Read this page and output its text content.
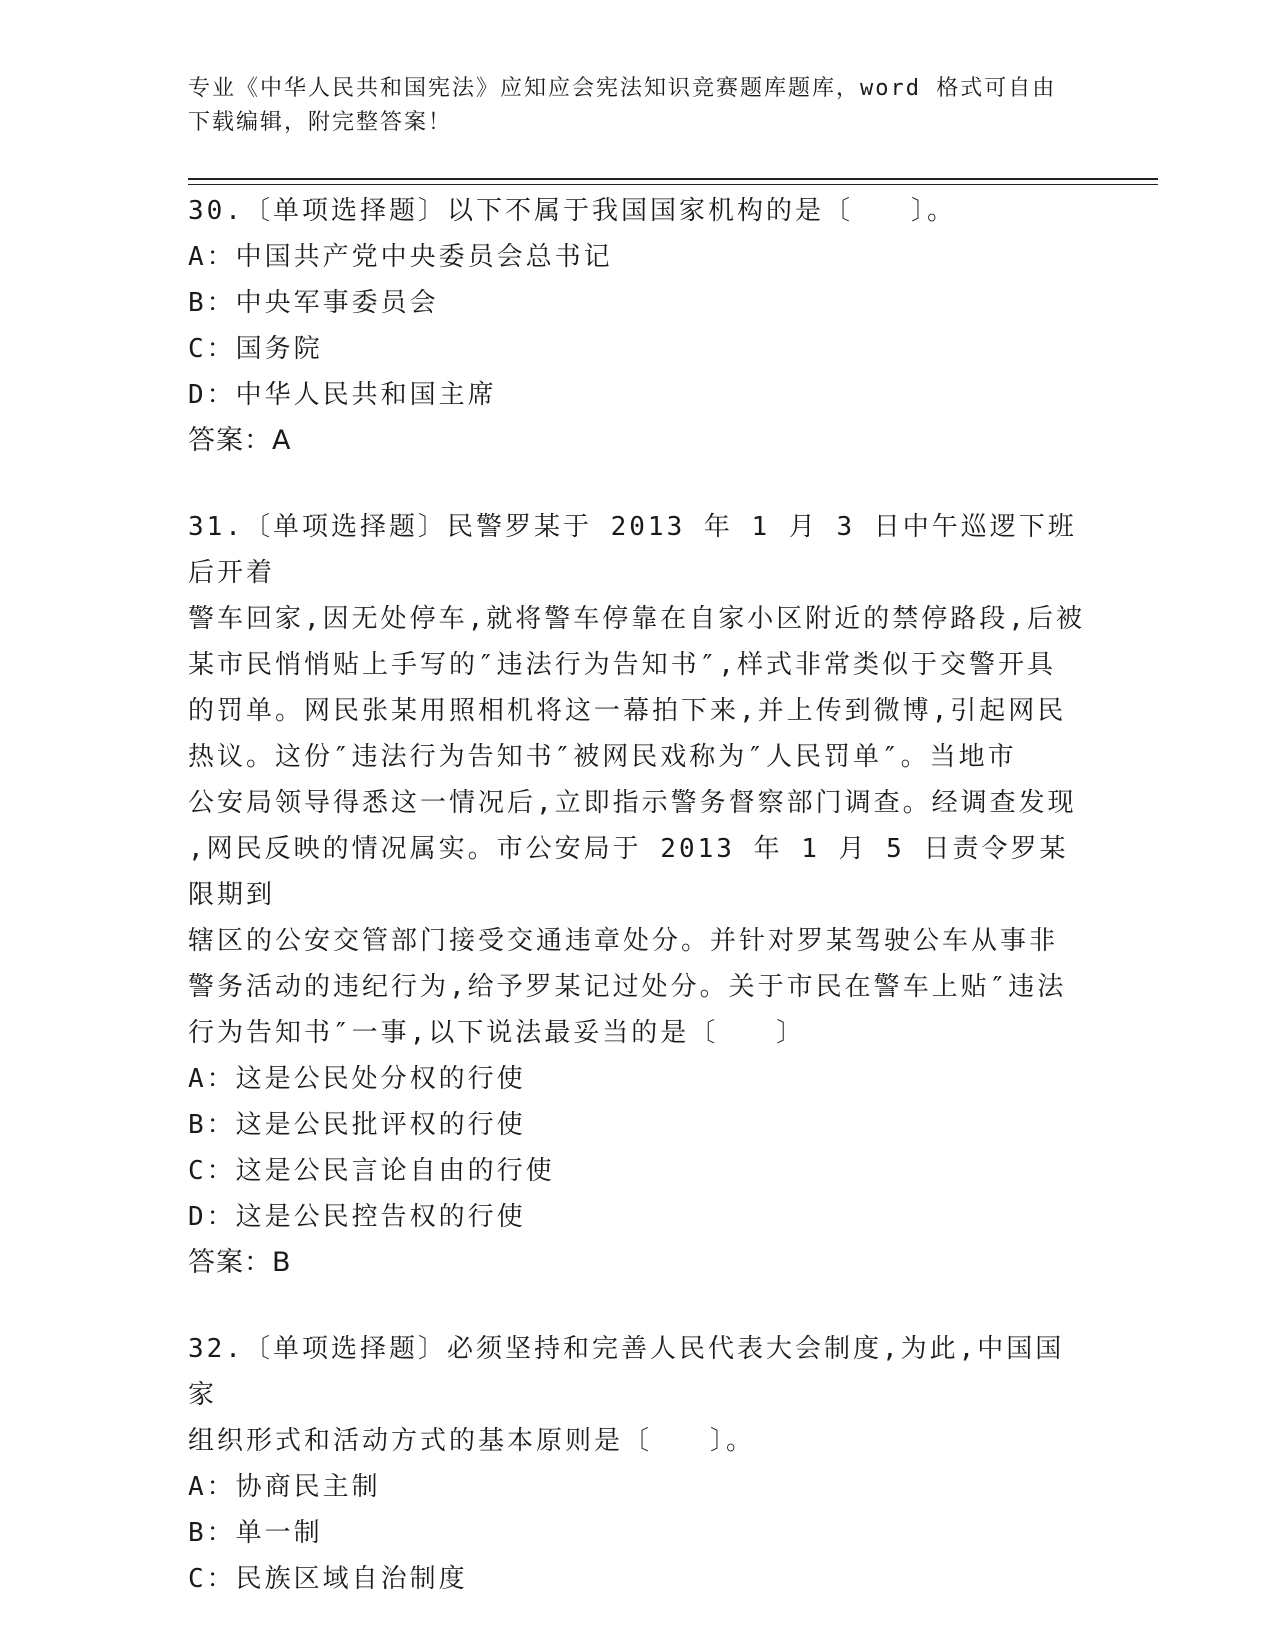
专业《中华人民共和国宪法》应知应会宪法知识竞赛题库题库，word 格式可自由
下载编辑，附完整答案！

30.〔单项选择题〕以下不属于我国国家机构的是〔　　〕。

A：中国共产党中央委员会总书记

B：中央军事委员会

C：国务院

D：中华人民共和国主席

答案：A

31.〔单项选择题〕民警罗某于 2013 年 1 月 3 日中午巡逻下班后开着

警车回家,因无处停车,就将警车停靠在自家小区附近的禁停路段,后被

某市民悄悄贴上手写的″违法行为告知书″,样式非常类似于交警开具

的罚单。网民张某用照相机将这一幕拍下来,并上传到微博,引起网民

热议。这份″违法行为告知书″被网民戏称为″人民罚单″。当地市

公安局领导得悉这一情况后,立即指示警务督察部门调查。经调查发现

,网民反映的情况属实。市公安局于 2013 年 1 月 5 日责令罗某限期到

辖区的公安交管部门接受交通违章处分。并针对罗某驾驶公车从事非

警务活动的违纪行为,给予罗某记过处分。关于市民在警车上贴″违法

行为告知书″一事,以下说法最妥当的是〔　　〕

A：这是公民处分权的行使

B：这是公民批评权的行使

C：这是公民言论自由的行使

D：这是公民控告权的行使

答案：B

32.〔单项选择题〕必须坚持和完善人民代表大会制度,为此,中国国家

组织形式和活动方式的基本原则是〔　　〕。

A：协商民主制

B：单一制

C：民族区域自治制度
